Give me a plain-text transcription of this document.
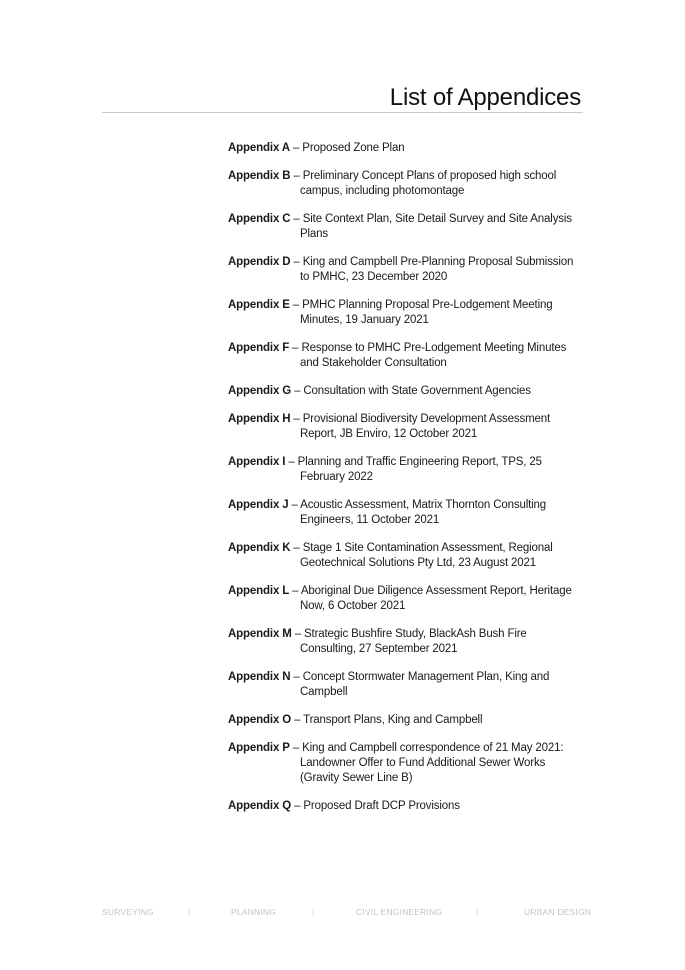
List of Appendices
Appendix A – Proposed Zone Plan
Appendix B – Preliminary Concept Plans of proposed high school campus, including photomontage
Appendix C – Site Context Plan, Site Detail Survey and Site Analysis Plans
Appendix D – King and Campbell Pre-Planning Proposal Submission to PMHC, 23 December 2020
Appendix E – PMHC Planning Proposal Pre-Lodgement Meeting Minutes, 19 January 2021
Appendix F – Response to PMHC Pre-Lodgement Meeting Minutes and Stakeholder Consultation
Appendix G – Consultation with State Government Agencies
Appendix H – Provisional Biodiversity Development Assessment Report, JB Enviro, 12 October 2021
Appendix I – Planning and Traffic Engineering Report, TPS, 25 February 2022
Appendix J – Acoustic Assessment, Matrix Thornton Consulting Engineers, 11 October 2021
Appendix K – Stage 1 Site Contamination Assessment, Regional Geotechnical Solutions Pty Ltd, 23 August 2021
Appendix L – Aboriginal Due Diligence Assessment Report, Heritage Now, 6 October 2021
Appendix M – Strategic Bushfire Study, BlackAsh Bush Fire Consulting, 27 September 2021
Appendix N – Concept Stormwater Management Plan, King and Campbell
Appendix O – Transport Plans, King and Campbell
Appendix P – King and Campbell correspondence of 21 May 2021: Landowner Offer to Fund Additional Sewer Works (Gravity Sewer Line B)
Appendix Q – Proposed Draft DCP Provisions
SURVEYING	|	PLANNING	|	CIVIL ENGINEERING	|	URBAN DESIGN
